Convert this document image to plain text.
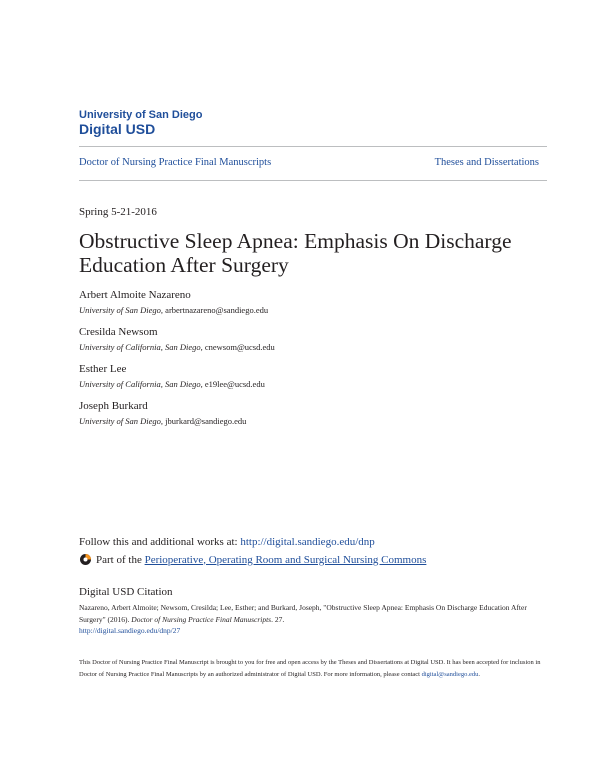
University of San Diego
Digital USD
Doctor of Nursing Practice Final Manuscripts	Theses and Dissertations
Spring 5-21-2016
Obstructive Sleep Apnea: Emphasis On Discharge Education After Surgery
Arbert Almoite Nazareno
University of San Diego, arbertnazareno@sandiego.edu
Cresilda Newsom
University of California, San Diego, cnewsom@ucsd.edu
Esther Lee
University of California, San Diego, e19lee@ucsd.edu
Joseph Burkard
University of San Diego, jburkard@sandiego.edu
Follow this and additional works at: http://digital.sandiego.edu/dnp
Part of the
Perioperative, Operating Room and Surgical Nursing Commons
Digital USD Citation
Nazareno, Arbert Almoite; Newsom, Cresilda; Lee, Esther; and Burkard, Joseph, "Obstructive Sleep Apnea: Emphasis On Discharge Education After Surgery" (2016). Doctor of Nursing Practice Final Manuscripts. 27.
http://digital.sandiego.edu/dnp/27
This Doctor of Nursing Practice Final Manuscript is brought to you for free and open access by the Theses and Dissertations at Digital USD. It has been accepted for inclusion in Doctor of Nursing Practice Final Manuscripts by an authorized administrator of Digital USD. For more information, please contact digital@sandiego.edu.
